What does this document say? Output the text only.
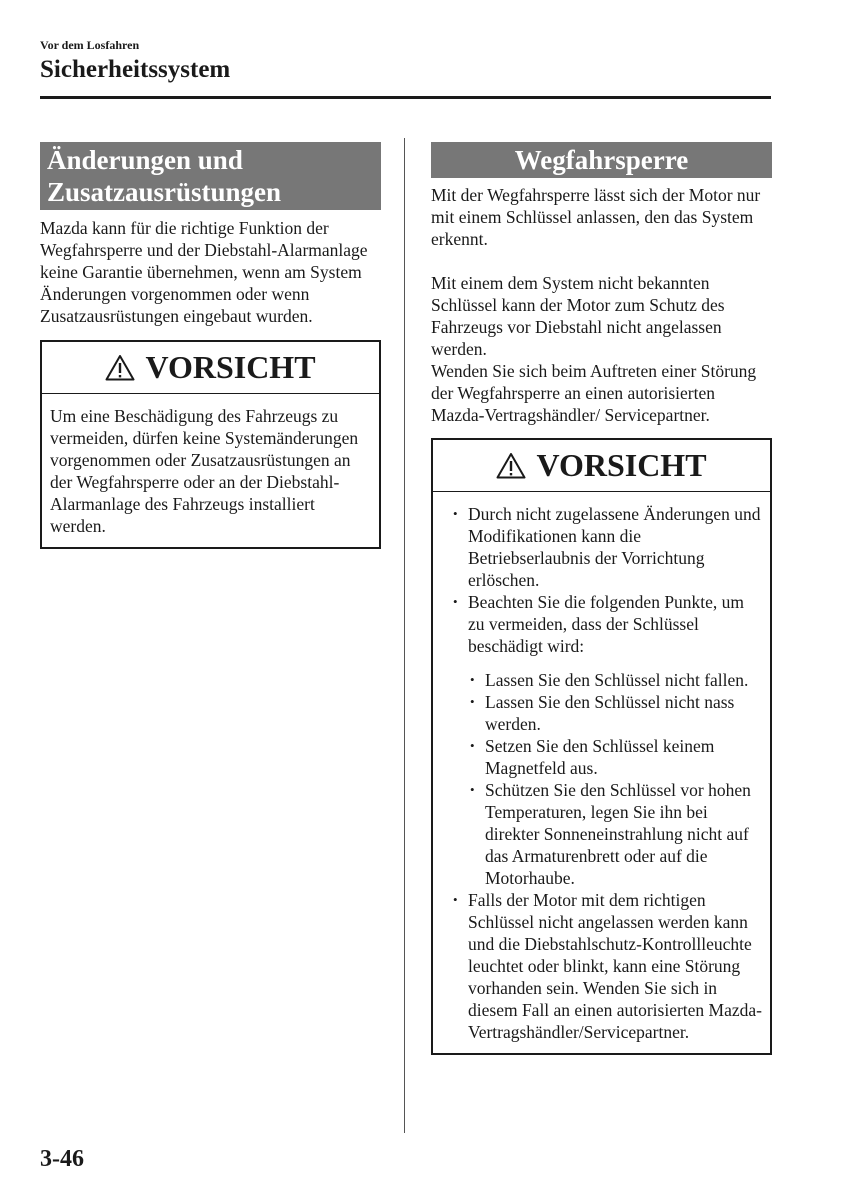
Vor dem Losfahren
Sicherheitssystem
Änderungen und
Zusatzausrüstungen

Mazda kann für die richtige Funktion der Wegfahrsperre und der Diebstahl-Alarmanlage keine Garantie übernehmen, wenn am System Änderungen vorgenommen oder wenn Zusatzausrüstungen eingebaut wurden.

VORSICHT
Um eine Beschädigung des Fahrzeugs zu vermeiden, dürfen keine Systemänderungen vorgenommen oder Zusatzausrüstungen an der Wegfahrsperre oder an der Diebstahl-Alarmanlage des Fahrzeugs installiert werden.
Wegfahrsperre

Mit der Wegfahrsperre lässt sich der Motor nur mit einem Schlüssel anlassen, den das System erkennt.

Mit einem dem System nicht bekannten Schlüssel kann der Motor zum Schutz des Fahrzeugs vor Diebstahl nicht angelassen werden.

Wenden Sie sich beim Auftreten einer Störung der Wegfahrsperre an einen autorisierten Mazda-Vertragshändler/ Servicepartner.

VORSICHT
• Durch nicht zugelassene Änderungen und Modifikationen kann die Betriebserlaubnis der Vorrichtung erlöschen.
• Beachten Sie die folgenden Punkte, um zu vermeiden, dass der Schlüssel beschädigt wird:
• Lassen Sie den Schlüssel nicht fallen.
• Lassen Sie den Schlüssel nicht nass werden.
• Setzen Sie den Schlüssel keinem Magnetfeld aus.
• Schützen Sie den Schlüssel vor hohen Temperaturen, legen Sie ihn bei direkter Sonneneinstrahlung nicht auf das Armaturenbrett oder auf die Motorhaube.
• Falls der Motor mit dem richtigen Schlüssel nicht angelassen werden kann und die Diebstahlschutz-Kontrollleuchte leuchtet oder blinkt, kann eine Störung vorhanden sein. Wenden Sie sich in diesem Fall an einen autorisierten Mazda-Vertragshändler/Servicepartner.
3-46
